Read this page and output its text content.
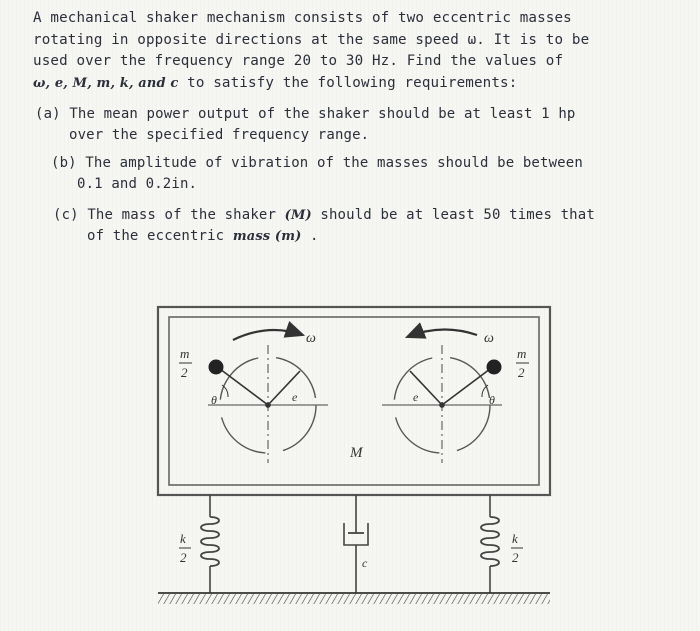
A mechanical shaker mechanism consists of two eccentric masses

rotating in opposite directions at the same speed ω. It is to be

used over the frequency range 20 to 30 Hz. Find the values of

ω, e, M, m, k, and c to satisfy the following requirements:

(a) The mean power output of the shaker should be at least 1 hp
over the specified frequency range.
(b) The amplitude of vibration of the masses should be between
0.1 and 0.2in.
(c) The mass of the shaker (M) should be at least 50 times that
of the eccentric mass (m) .
ω
θ	e
m
2
ω
θ
e
m
2
M
k
2
k
2
c
